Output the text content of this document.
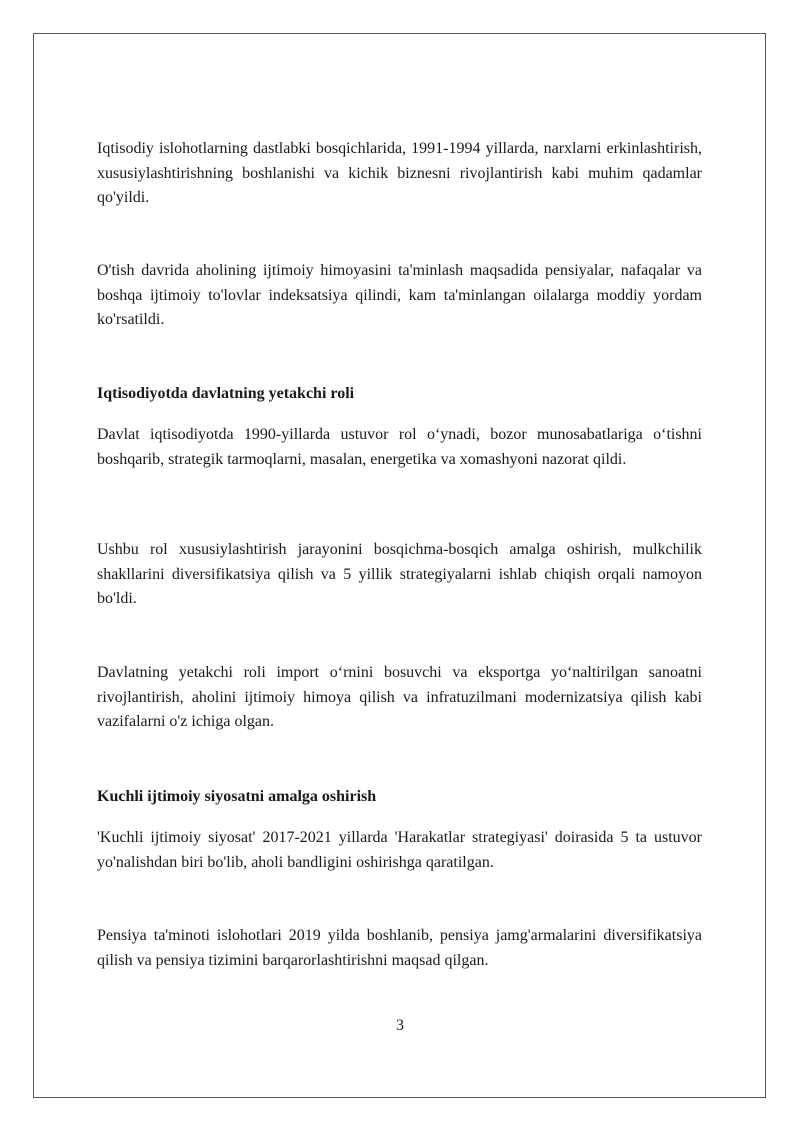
Iqtisodiy islohotlarning dastlabki bosqichlarida, 1991-1994 yillarda, narxlarni erkinlashtirish, xususiylashtirishning boshlanishi va kichik biznesni rivojlantirish kabi muhim qadamlar qo'yildi.

O'tish davrida aholining ijtimoiy himoyasini ta'minlash maqsadida pensiyalar, nafaqalar va boshqa ijtimoiy to'lovlar indeksatsiya qilindi, kam ta'minlangan oilalarga moddiy yordam ko'rsatildi.

Iqtisodiyotda davlatning yetakchi roli

Davlat iqtisodiyotda 1990-yillarda ustuvor rol o‘ynadi, bozor munosabatlariga o‘tishni boshqarib, strategik tarmoqlarni, masalan, energetika va xomashyoni nazorat qildi.

Ushbu rol xususiylashtirish jarayonini bosqichma-bosqich amalga oshirish, mulkchilik shakllarini diversifikatsiya qilish va 5 yillik strategiyalarni ishlab chiqish orqali namoyon bo'ldi.

Davlatning yetakchi roli import o‘rnini bosuvchi va eksportga yo‘naltirilgan sanoatni rivojlantirish, aholini ijtimoiy himoya qilish va infratuzilmani modernizatsiya qilish kabi vazifalarni o'z ichiga olgan.

Kuchli ijtimoiy siyosatni amalga oshirish

'Kuchli ijtimoiy siyosat' 2017-2021 yillarda 'Harakatlar strategiyasi' doirasida 5 ta ustuvor yo'nalishdan biri bo'lib, aholi bandligini oshirishga qaratilgan.

Pensiya ta'minoti islohotlari 2019 yilda boshlanib, pensiya jamg'armalarini diversifikatsiya qilish va pensiya tizimini barqarorlashtirishni maqsad qilgan.

3
